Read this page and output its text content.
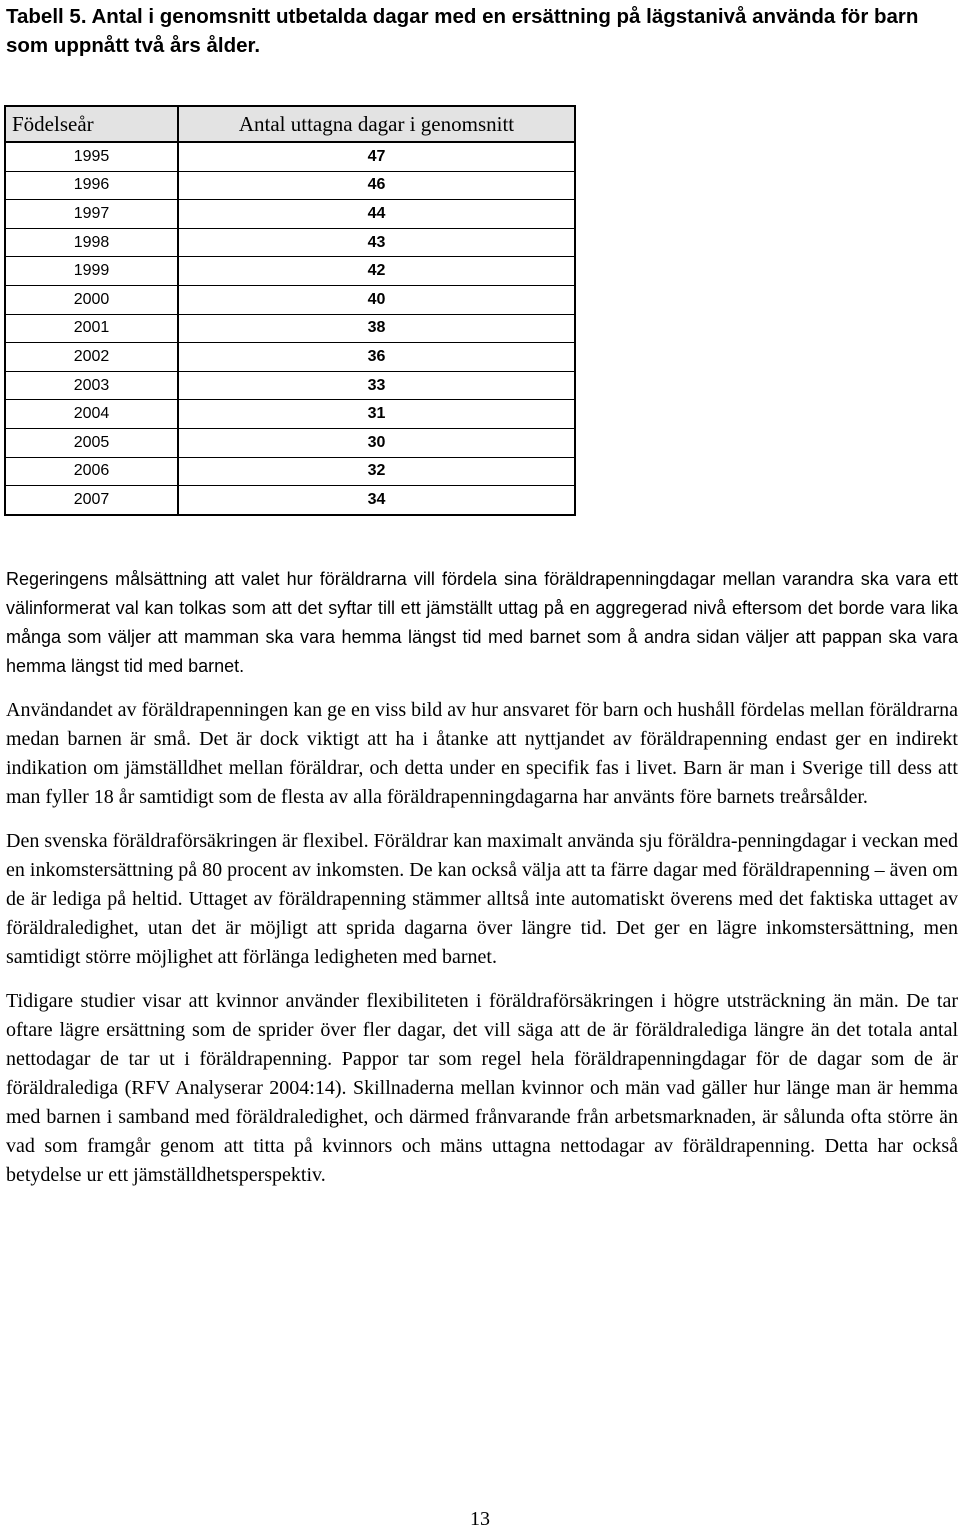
Tabell 5. Antal i genomsnitt utbetalda dagar med en ersättning på lägstanivå använda för barn som uppnått två års ålder.

Födelseår	Antal uttagna dagar i genomsnitt
1995	47
1996	46
1997	44
1998	43
1999	42
2000	40
2001	38
2002	36
2003	33
2004	31
2005	30
2006	32
2007	34

Regeringens målsättning att valet hur föräldrarna vill fördela sina föräldrapenningdagar mellan varandra ska vara ett välinformerat val kan tolkas som att det syftar till ett jämställt uttag på en aggregerad nivå eftersom det borde vara lika många som väljer att mamman ska vara hemma längst tid med barnet som å andra sidan väljer att pappan ska vara hemma längst tid med barnet.

Användandet av föräldrapenningen kan ge en viss bild av hur ansvaret för barn och hushåll fördelas mellan föräldrarna medan barnen är små. Det är dock viktigt att ha i åtanke att nyttjandet av föräldrapenning endast ger en indirekt indikation om jämställdhet mellan föräldrar, och detta under en specifik fas i livet. Barn är man i Sverige till dess att man fyller 18 år samtidigt som de flesta av alla föräldrapenningdagarna har använts före barnets treårsålder.

Den svenska föräldraförsäkringen är flexibel. Föräldrar kan maximalt använda sju föräldra-penningdagar i veckan med en inkomstersättning på 80 procent av inkomsten. De kan också välja att ta färre dagar med föräldrapenning – även om de är lediga på heltid. Uttaget av föräldrapenning stämmer alltså inte automatiskt överens med det faktiska uttaget av föräldraledighet, utan det är möjligt att sprida dagarna över längre tid. Det ger en lägre inkomstersättning, men samtidigt större möjlighet att förlänga ledigheten med barnet.

Tidigare studier visar att kvinnor använder flexibiliteten i föräldraförsäkringen i högre utsträckning än män. De tar oftare lägre ersättning som de sprider över fler dagar, det vill säga att de är föräldralediga längre än det totala antal nettodagar de tar ut i föräldrapenning. Pappor tar som regel hela föräldrapenningdagar för de dagar som de är föräldralediga (RFV Analyserar 2004:14). Skillnaderna mellan kvinnor och män vad gäller hur länge man är hemma med barnen i samband med föräldraledighet, och därmed frånvarande från arbetsmarknaden, är sålunda ofta större än vad som framgår genom att titta på kvinnors och mäns uttagna nettodagar av föräldrapenning. Detta har också betydelse ur ett jämställdhetsperspektiv.

13
